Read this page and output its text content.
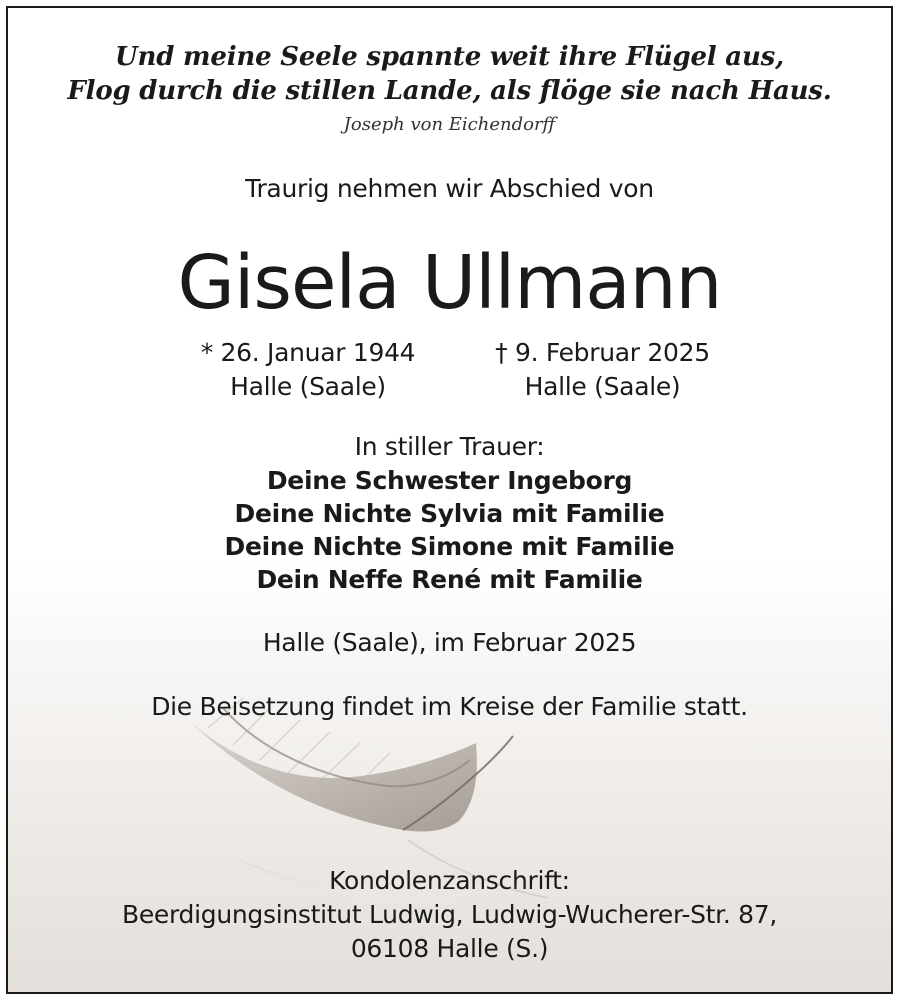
Und meine Seele spannte weit ihre Flügel aus,
Flog durch die stillen Lande, als flöge sie nach Haus.
Joseph von Eichendorff
Traurig nehmen wir Abschied von
Gisela Ullmann
* 26. Januar 1944
Halle (Saale)
† 9. Februar 2025
Halle (Saale)
In stiller Trauer:
Deine Schwester Ingeborg
Deine Nichte Sylvia mit Familie
Deine Nichte Simone mit Familie
Dein Neffe René mit Familie
Halle (Saale), im Februar 2025
Die Beisetzung findet im Kreise der Familie statt.
Kondolenzanschrift:
Beerdigungsinstitut Ludwig, Ludwig-Wucherer-Str. 87,
06108 Halle (S.)
